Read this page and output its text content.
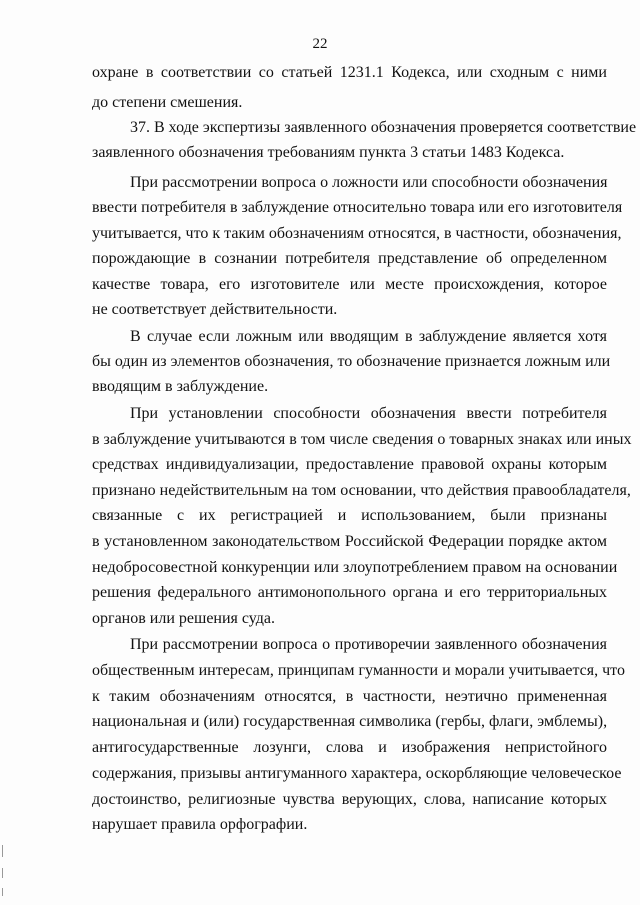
22
охране в соответствии со статьей 1231.1 Кодекса, или сходным с ними
до степени смешения.
37. В ходе экспертизы заявленного обозначения проверяется соответствие
заявленного обозначения требованиям пункта 3 статьи 1483 Кодекса.
При рассмотрении вопроса о ложности или способности обозначения
ввести потребителя в заблуждение относительно товара или его изготовителя
учитывается, что к таким обозначениям относятся, в частности, обозначения,
порождающие в сознании потребителя представление об определенном
качестве товара, его изготовителе или месте происхождения, которое
не соответствует действительности.
В случае если ложным или вводящим в заблуждение является хотя
бы один из элементов обозначения, то обозначение признается ложным или
вводящим в заблуждение.
При установлении способности обозначения ввести потребителя
в заблуждение учитываются в том числе сведения о товарных знаках или иных
средствах индивидуализации, предоставление правовой охраны которым
признано недействительным на том основании, что действия правообладателя,
связанные с их регистрацией и использованием, были признаны
в установленном законодательством Российской Федерации порядке актом
недобросовестной конкуренции или злоупотреблением правом на основании
решения федерального антимонопольного органа и его территориальных
органов или решения суда.
При рассмотрении вопроса о противоречии заявленного обозначения
общественным интересам, принципам гуманности и морали учитывается, что
к таким обозначениям относятся, в частности, неэтично примененная
национальная и (или) государственная символика (гербы, флаги, эмблемы),
антигосударственные лозунги, слова и изображения непристойного
содержания, призывы антигуманного характера, оскорбляющие человеческое
достоинство, религиозные чувства верующих, слова, написание которых
нарушает правила орфографии.
